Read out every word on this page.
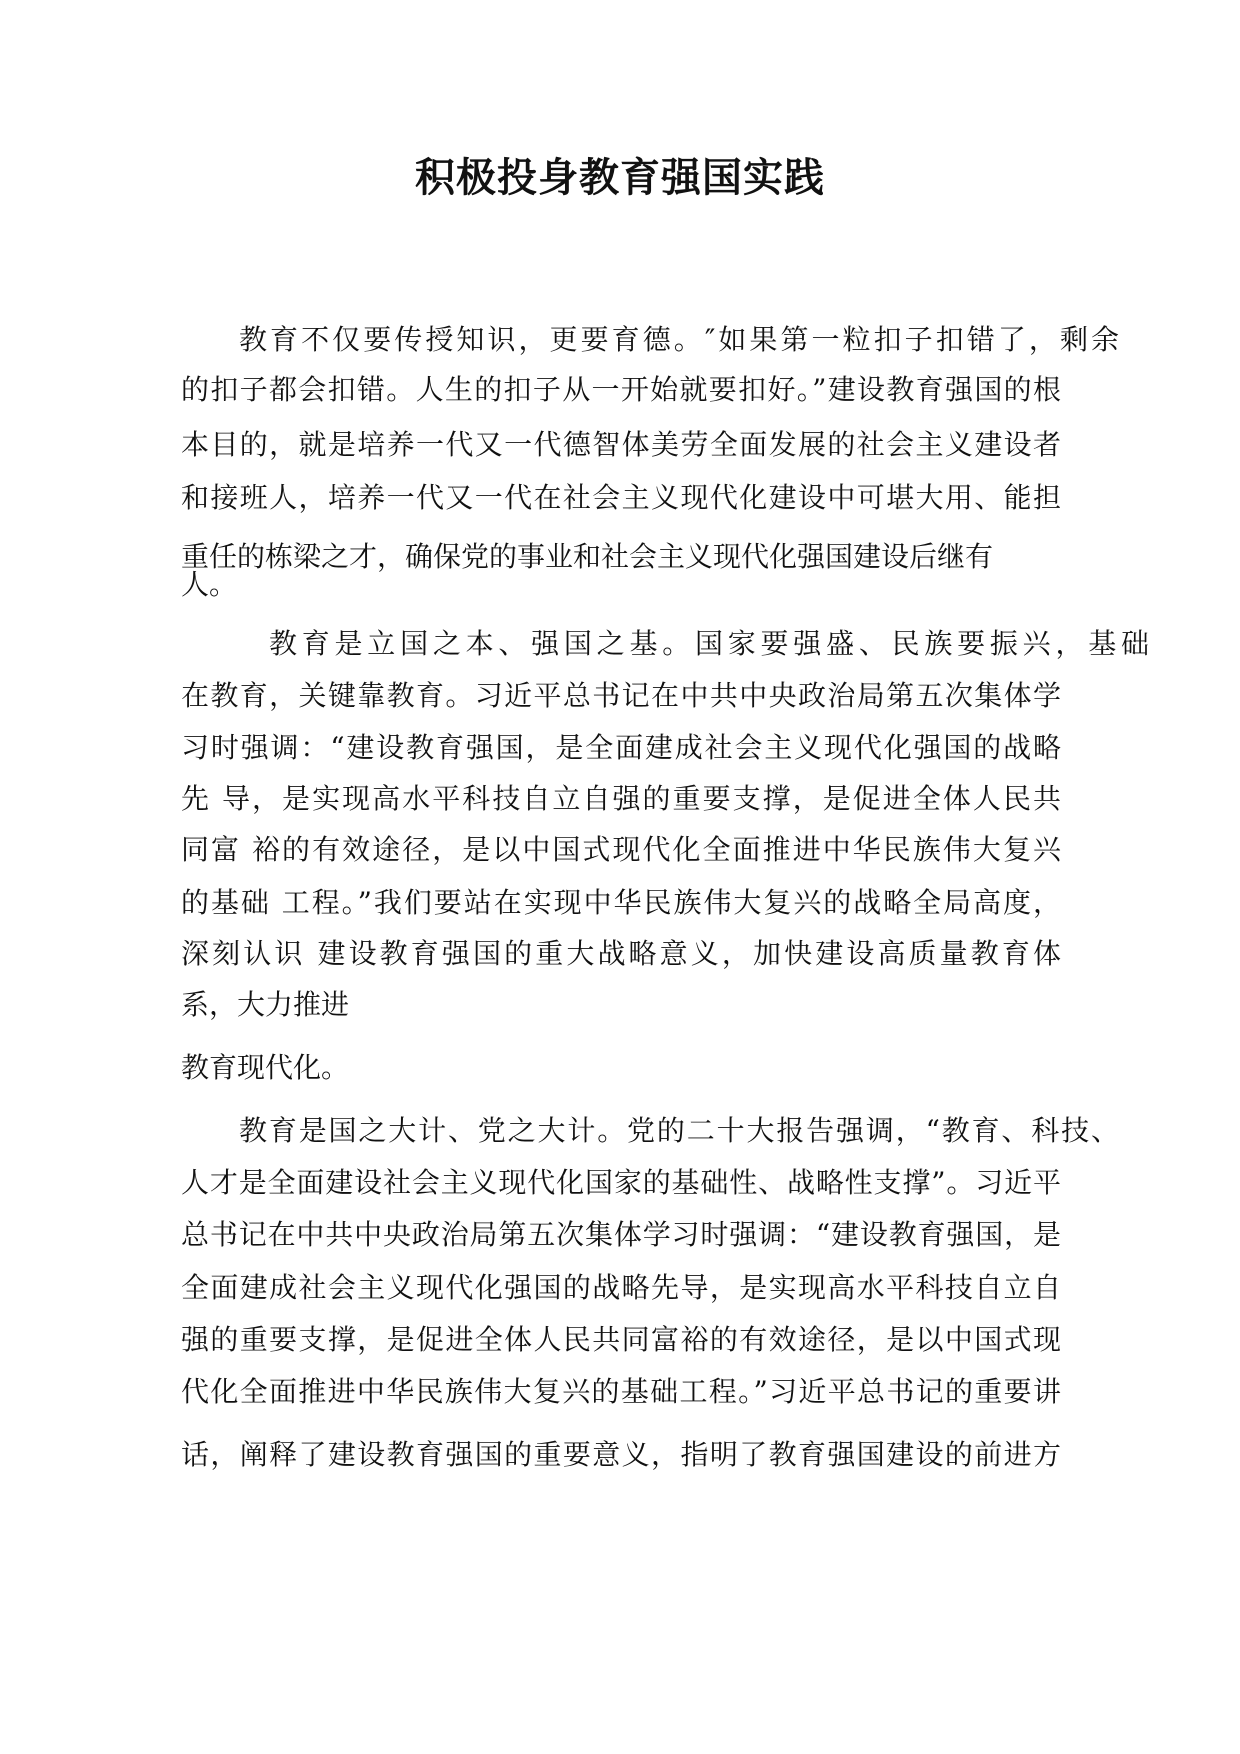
积极投身教育强国实践

教育不仅要传授知识，更要育德。″如果第一粒扣子扣错了，剩余

的扣子都会扣错。人生的扣子从一开始就要扣好。”建设教育强国的根

本目的，就是培养一代又一代德智体美劳全面发展的社会主义建设者

和接班人，培养一代又一代在社会主义现代化建设中可堪大用、能担

重任的栋梁之才，确保党的事业和社会主义现代化强国建设后继有

人。

教育是立国之本、强国之基。国家要强盛、民族要振兴，基础

在教育，关键靠教育。习近平总书记在中共中央政治局第五次集体学

习时强调：“建设教育强国，是全面建成社会主义现代化强国的战略

先 导，是实现高水平科技自立自强的重要支撑，是促进全体人民共

同富 裕的有效途径，是以中国式现代化全面推进中华民族伟大复兴

的基础 工程。”我们要站在实现中华民族伟大复兴的战略全局高度，

深刻认识 建设教育强国的重大战略意义，加快建设高质量教育体

系，大力推进

教育现代化。

教育是国之大计、党之大计。党的二十大报告强调，“教育、科技、

人才是全面建设社会主义现代化国家的基础性、战略性支撑”。习近平

总书记在中共中央政治局第五次集体学习时强调：“建设教育强国，是

全面建成社会主义现代化强国的战略先导，是实现高水平科技自立自

强的重要支撑，是促进全体人民共同富裕的有效途径，是以中国式现

代化全面推进中华民族伟大复兴的基础工程。”习近平总书记的重要讲

话，阐释了建设教育强国的重要意义，指明了教育强国建设的前进方
